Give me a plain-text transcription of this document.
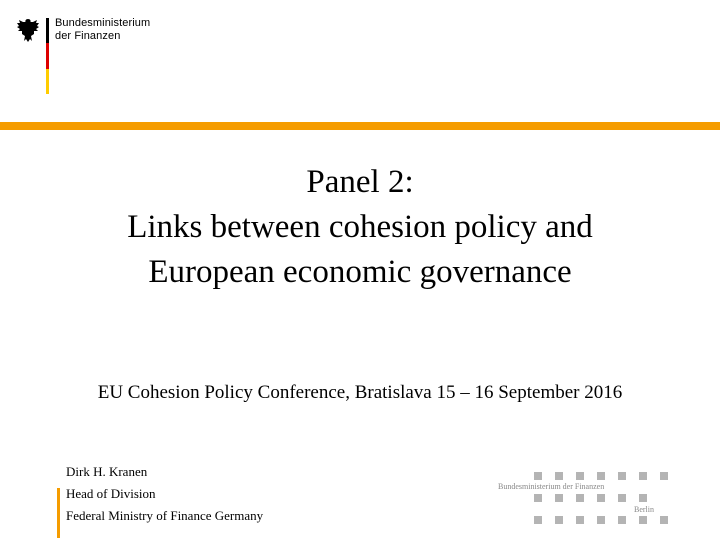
Bundesministerium
der Finanzen
Panel 2:
Links between cohesion policy and
European economic governance
EU Cohesion Policy Conference, Bratislava 15 – 16 September 2016
Dirk H. Kranen
Head of Division
Federal Ministry of Finance Germany
Bundesministerium der Finanzen
Berlin
